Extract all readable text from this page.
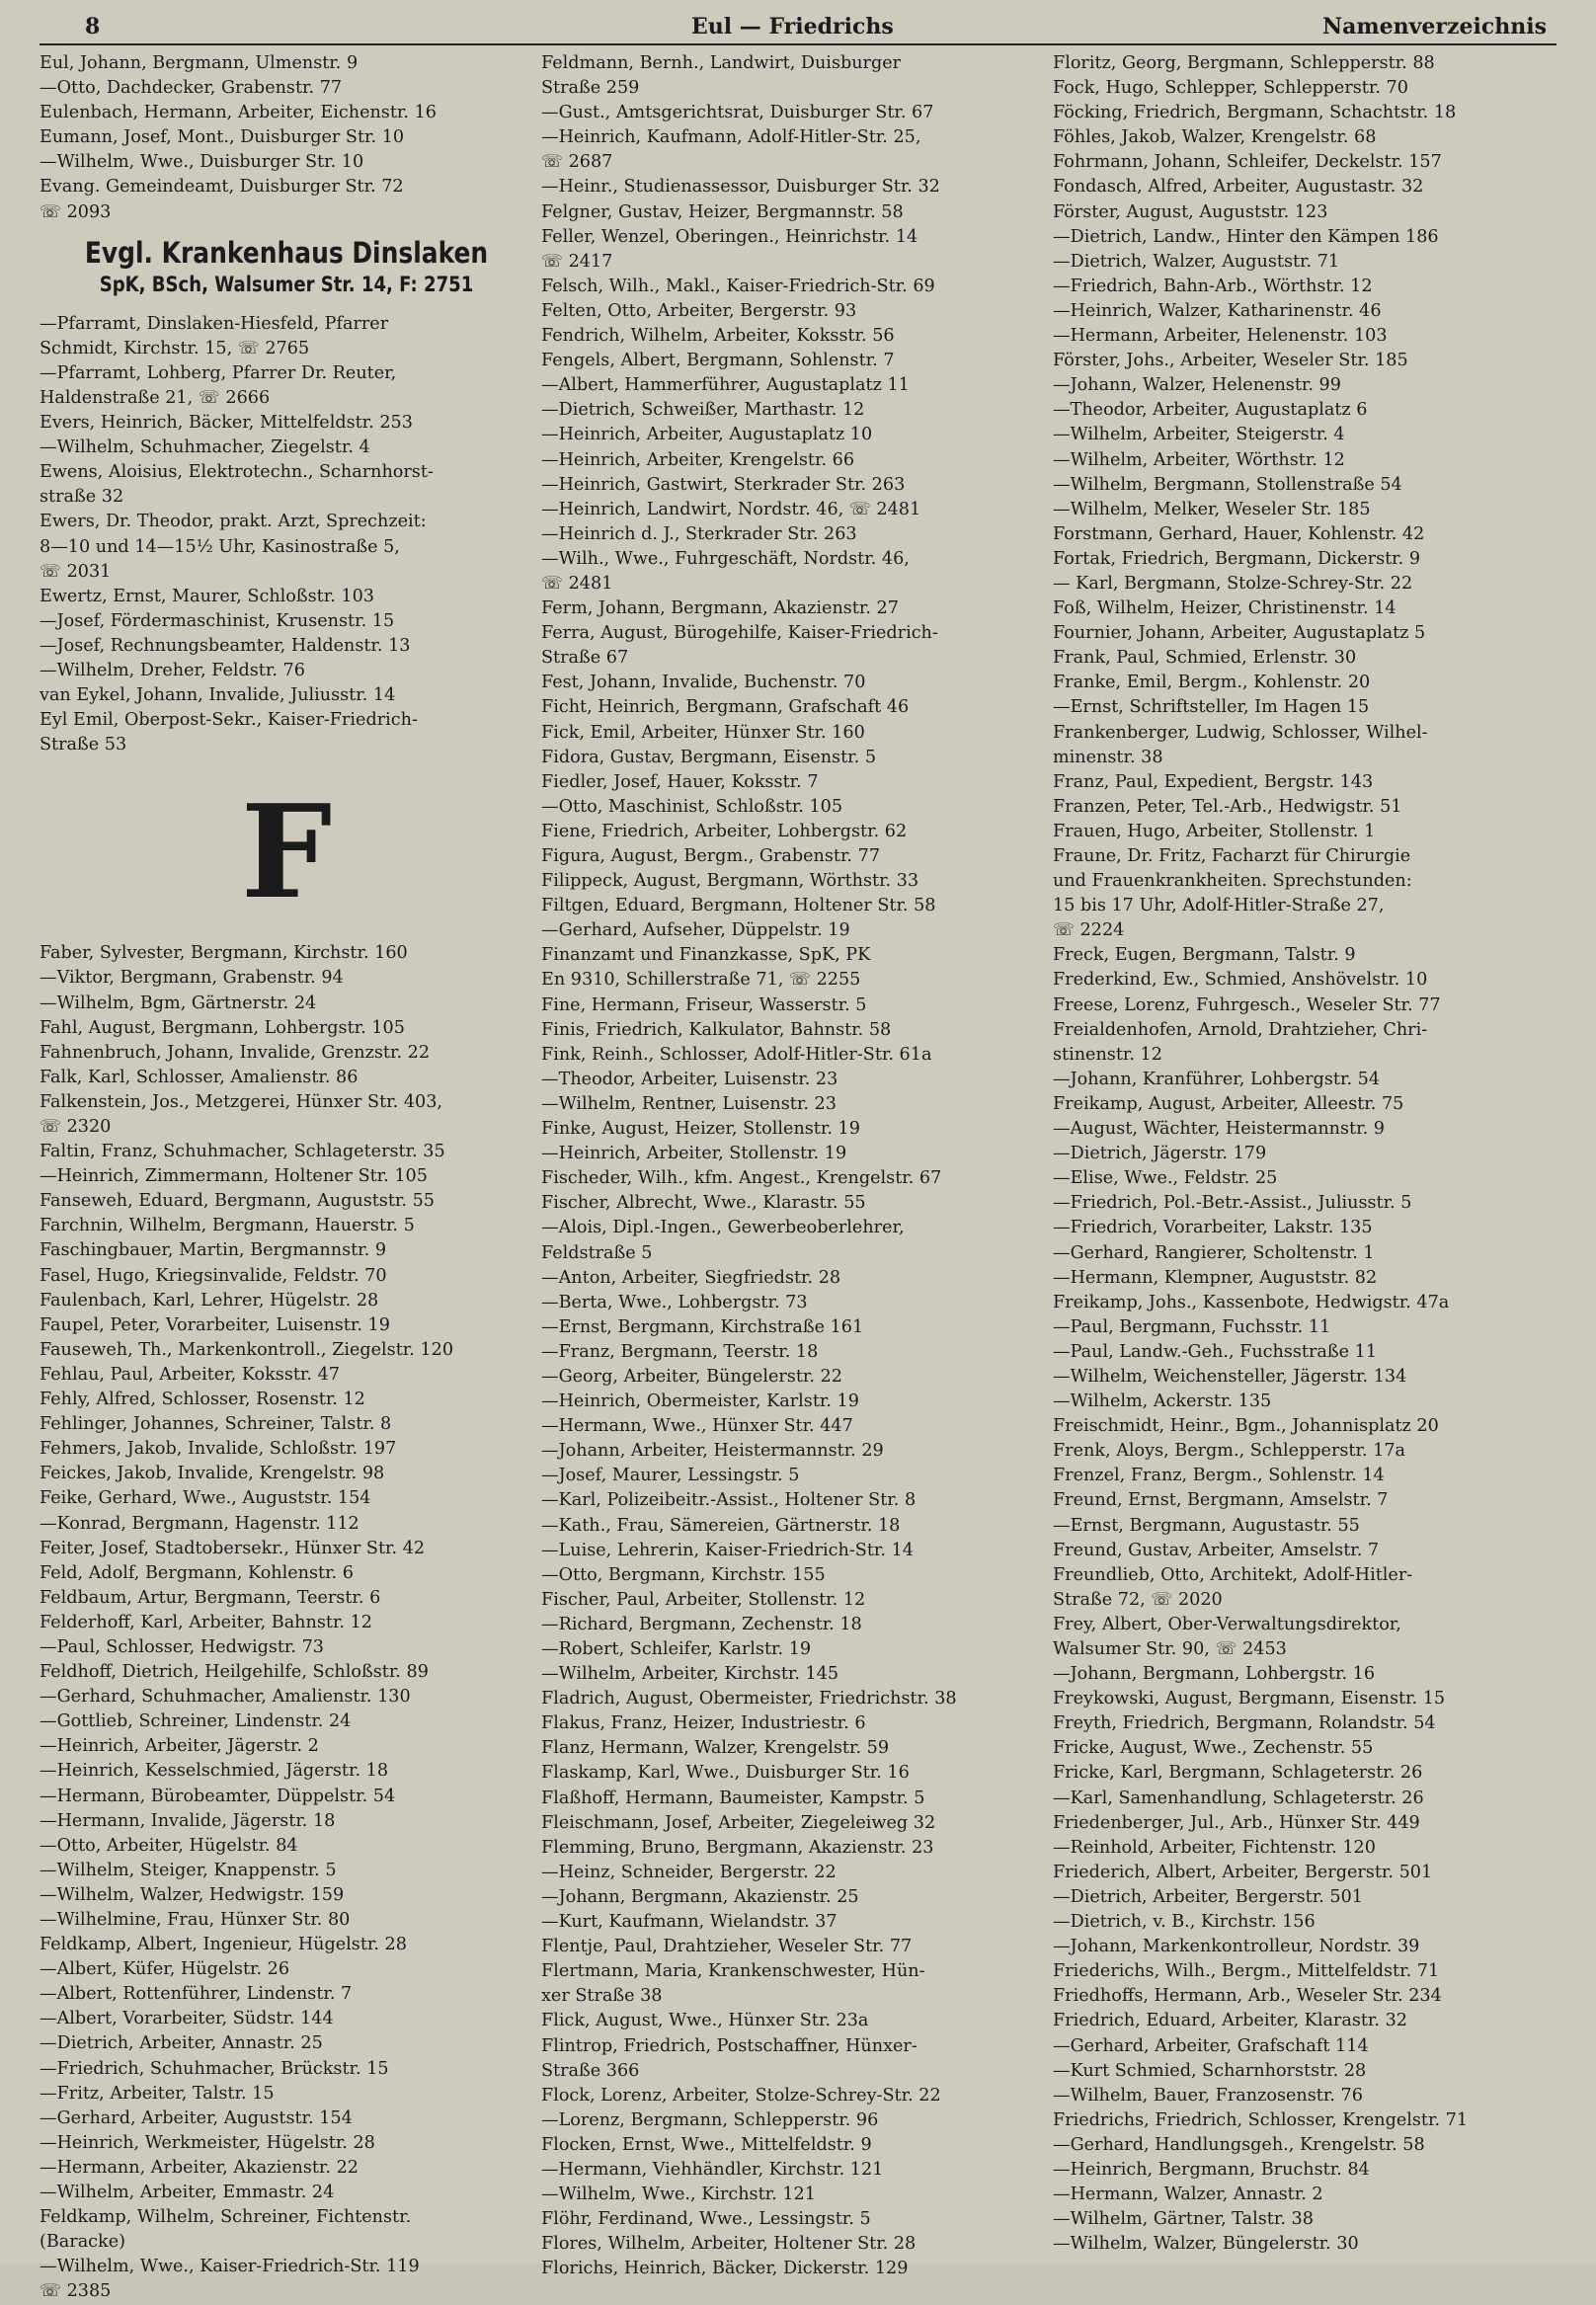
8	Eul — Friedrichs	Namenverzeichnis
Eul, Johann, Bergmann, Ulmenstr. 9
—Otto, Dachdecker, Grabenstr. 77
Eulenbach, Hermann, Arbeiter, Eichenstr. 16
Eumann, Josef, Mont., Duisburger Str. 10
—Wilhelm, Wwe., Duisburger Str. 10
Evang. Gemeindeamt, Duisburger Str. 72
☏ 2093
Evgl. Krankenhaus Dinslaken
SpK, BSch, Walsumer Str. 14, F: 2751
—Pfarramt, Dinslaken-Hiesfeld, Pfarrer
Schmidt, Kirchstr. 15, ☏ 2765
—Pfarramt, Lohberg, Pfarrer Dr. Reuter,
Haldenstraße 21, ☏ 2666
Evers, Heinrich, Bäcker, Mittelfeldstr. 253
—Wilhelm, Schuhmacher, Ziegelstr. 4
Ewens, Aloisius, Elektrotechn., Scharnhorst-
straße 32
Ewers, Dr. Theodor, prakt. Arzt, Sprechzeit:
8—10 und 14—15½ Uhr, Kasinostraße 5,
☏ 2031
Ewertz, Ernst, Maurer, Schloßstr. 103
—Josef, Fördermaschinist, Krusenstr. 15
—Josef, Rechnungsbeamter, Haldenstr. 13
—Wilhelm, Dreher, Feldstr. 76
van Eykel, Johann, Invalide, Juliusstr. 14
Eyl Emil, Oberpost-Sekr., Kaiser-Friedrich-
Straße 53
F
Faber, Sylvester, Bergmann, Kirchstr. 160
—Viktor, Bergmann, Grabenstr. 94
—Wilhelm, Bgm, Gärtnerstr. 24
Fahl, August, Bergmann, Lohbergstr. 105
Fahnenbruch, Johann, Invalide, Grenzstr. 22
Falk, Karl, Schlosser, Amalienstr. 86
Falkenstein, Jos., Metzgerei, Hünxer Str. 403,
☏ 2320
Faltin, Franz, Schuhmacher, Schlageterstr. 35
—Heinrich, Zimmermann, Holtener Str. 105
Fanseweh, Eduard, Bergmann, Auguststr. 55
Farchnin, Wilhelm, Bergmann, Hauerstr. 5
Faschingbauer, Martin, Bergmannstr. 9
Fasel, Hugo, Kriegsinvalide, Feldstr. 70
Faulenbach, Karl, Lehrer, Hügelstr. 28
Faupel, Peter, Vorarbeiter, Luisenstr. 19
Fauseweh, Th., Markenkontroll., Ziegelstr. 120
Fehlau, Paul, Arbeiter, Koksstr. 47
Fehly, Alfred, Schlosser, Rosenstr. 12
Fehlinger, Johannes, Schreiner, Talstr. 8
Fehmers, Jakob, Invalide, Schloßstr. 197
Feickes, Jakob, Invalide, Krengelstr. 98
Feike, Gerhard, Wwe., Auguststr. 154
—Konrad, Bergmann, Hagenstr. 112
Feiter, Josef, Stadtobersekr., Hünxer Str. 42
Feld, Adolf, Bergmann, Kohlenstr. 6
Feldbaum, Artur, Bergmann, Teerstr. 6
Felderhoff, Karl, Arbeiter, Bahnstr. 12
—Paul, Schlosser, Hedwigstr. 73
Feldhoff, Dietrich, Heilgehilfe, Schloßstr. 89
—Gerhard, Schuhmacher, Amalienstr. 130
—Gottlieb, Schreiner, Lindenstr. 24
—Heinrich, Arbeiter, Jägerstr. 2
—Heinrich, Kesselschmied, Jägerstr. 18
—Hermann, Bürobeamter, Düppelstr. 54
—Hermann, Invalide, Jägerstr. 18
—Otto, Arbeiter, Hügelstr. 84
—Wilhelm, Steiger, Knappenstr. 5
—Wilhelm, Walzer, Hedwigstr. 159
—Wilhelmine, Frau, Hünxer Str. 80
Feldkamp, Albert, Ingenieur, Hügelstr. 28
—Albert, Küfer, Hügelstr. 26
—Albert, Rottenführer, Lindenstr. 7
—Albert, Vorarbeiter, Südstr. 144
—Dietrich, Arbeiter, Annastr. 25
—Friedrich, Schuhmacher, Brückstr. 15
—Fritz, Arbeiter, Talstr. 15
—Gerhard, Arbeiter, Auguststr. 154
—Heinrich, Werkmeister, Hügelstr. 28
—Hermann, Arbeiter, Akazienstr. 22
—Wilhelm, Arbeiter, Emmastr. 24
Feldkamp, Wilhelm, Schreiner, Fichtenstr.
(Baracke)
—Wilhelm, Wwe., Kaiser-Friedrich-Str. 119
☏ 2385
Feldmann, Bernh., Landwirt, Duisburger
Straße 259
—Gust., Amtsgerichtsrat, Duisburger Str. 67
—Heinrich, Kaufmann, Adolf-Hitler-Str. 25,
☏ 2687
—Heinr., Studienassessor, Duisburger Str. 32
Felgner, Gustav, Heizer, Bergmannstr. 58
Feller, Wenzel, Oberingen., Heinrichstr. 14
☏ 2417
Felsch, Wilh., Makl., Kaiser-Friedrich-Str. 69
Felten, Otto, Arbeiter, Bergerstr. 93
Fendrich, Wilhelm, Arbeiter, Koksstr. 56
Fengels, Albert, Bergmann, Sohlenstr. 7
—Albert, Hammerführer, Augustaplatz 11
—Dietrich, Schweißer, Marthastr. 12
—Heinrich, Arbeiter, Augustaplatz 10
—Heinrich, Arbeiter, Krengelstr. 66
—Heinrich, Gastwirt, Sterkrader Str. 263
—Heinrich, Landwirt, Nordstr. 46, ☏ 2481
—Heinrich d. J., Sterkrader Str. 263
—Wilh., Wwe., Fuhrgeschäft, Nordstr. 46,
☏ 2481
Ferm, Johann, Bergmann, Akazienstr. 27
Ferra, August, Bürogehilfe, Kaiser-Friedrich-
Straße 67
Fest, Johann, Invalide, Buchenstr. 70
Ficht, Heinrich, Bergmann, Grafschaft 46
Fick, Emil, Arbeiter, Hünxer Str. 160
Fidora, Gustav, Bergmann, Eisenstr. 5
Fiedler, Josef, Hauer, Koksstr. 7
—Otto, Maschinist, Schloßstr. 105
Fiene, Friedrich, Arbeiter, Lohbergstr. 62
Figura, August, Bergm., Grabenstr. 77
Filippeck, August, Bergmann, Wörthstr. 33
Filtgen, Eduard, Bergmann, Holtener Str. 58
—Gerhard, Aufseher, Düppelstr. 19
Finanzamt und Finanzkasse, SpK, PK
En 9310, Schillerstraße 71, ☏ 2255
Fine, Hermann, Friseur, Wasserstr. 5
Finis, Friedrich, Kalkulator, Bahnstr. 58
Fink, Reinh., Schlosser, Adolf-Hitler-Str. 61a
—Theodor, Arbeiter, Luisenstr. 23
—Wilhelm, Rentner, Luisenstr. 23
Finke, August, Heizer, Stollenstr. 19
—Heinrich, Arbeiter, Stollenstr. 19
Fischeder, Wilh., kfm. Angest., Krengelstr. 67
Fischer, Albrecht, Wwe., Klarastr. 55
—Alois, Dipl.-Ingen., Gewerbeoberlehrer,
Feldstraße 5
—Anton, Arbeiter, Siegfriedstr. 28
—Berta, Wwe., Lohbergstr. 73
—Ernst, Bergmann, Kirchstraße 161
—Franz, Bergmann, Teerstr. 18
—Georg, Arbeiter, Büngelerstr. 22
—Heinrich, Obermeister, Karlstr. 19
—Hermann, Wwe., Hünxer Str. 447
—Johann, Arbeiter, Heistermannstr. 29
—Josef, Maurer, Lessingstr. 5
—Karl, Polizeibeitr.-Assist., Holtener Str. 8
—Kath., Frau, Sämereien, Gärtnerstr. 18
—Luise, Lehrerin, Kaiser-Friedrich-Str. 14
—Otto, Bergmann, Kirchstr. 155
Fischer, Paul, Arbeiter, Stollenstr. 12
—Richard, Bergmann, Zechenstr. 18
—Robert, Schleifer, Karlstr. 19
—Wilhelm, Arbeiter, Kirchstr. 145
Fladrich, August, Obermeister, Friedrichstr. 38
Flakus, Franz, Heizer, Industriestr. 6
Flanz, Hermann, Walzer, Krengelstr. 59
Flaskamp, Karl, Wwe., Duisburger Str. 16
Flaßhoff, Hermann, Baumeister, Kampstr. 5
Fleischmann, Josef, Arbeiter, Ziegeleiweg 32
Flemming, Bruno, Bergmann, Akazienstr. 23
—Heinz, Schneider, Bergerstr. 22
—Johann, Bergmann, Akazienstr. 25
—Kurt, Kaufmann, Wielandstr. 37
Flentje, Paul, Drahtzieher, Weseler Str. 77
Flertmann, Maria, Krankenschwester, Hün-
xer Straße 38
Flick, August, Wwe., Hünxer Str. 23a
Flintrop, Friedrich, Postschaffner, Hünxer-
Straße 366
Flock, Lorenz, Arbeiter, Stolze-Schrey-Str. 22
—Lorenz, Bergmann, Schlepperstr. 96
Flocken, Ernst, Wwe., Mittelfeldstr. 9
—Hermann, Viehhändler, Kirchstr. 121
—Wilhelm, Wwe., Kirchstr. 121
Flöhr, Ferdinand, Wwe., Lessingstr. 5
Flores, Wilhelm, Arbeiter, Holtener Str. 28
Florichs, Heinrich, Bäcker, Dickerstr. 129
Floritz, Georg, Bergmann, Schlepperstr. 88
Fock, Hugo, Schlepper, Schlepperstr. 70
Föcking, Friedrich, Bergmann, Schachtstr. 18
Föhles, Jakob, Walzer, Krengelstr. 68
Fohrmann, Johann, Schleifer, Deckelstr. 157
Fondasch, Alfred, Arbeiter, Augustastr. 32
Förster, August, Auguststr. 123
—Dietrich, Landw., Hinter den Kämpen 186
—Dietrich, Walzer, Auguststr. 71
—Friedrich, Bahn-Arb., Wörthstr. 12
—Heinrich, Walzer, Katharinenstr. 46
—Hermann, Arbeiter, Helenenstr. 103
Förster, Johs., Arbeiter, Weseler Str. 185
—Johann, Walzer, Helenenstr. 99
—Theodor, Arbeiter, Augustaplatz 6
—Wilhelm, Arbeiter, Steigerstr. 4
—Wilhelm, Arbeiter, Wörthstr. 12
—Wilhelm, Bergmann, Stollenstraße 54
—Wilhelm, Melker, Weseler Str. 185
Forstmann, Gerhard, Hauer, Kohlenstr. 42
Fortak, Friedrich, Bergmann, Dickerstr. 9
— Karl, Bergmann, Stolze-Schrey-Str. 22
Foß, Wilhelm, Heizer, Christinenstr. 14
Fournier, Johann, Arbeiter, Augustaplatz 5
Frank, Paul, Schmied, Erlenstr. 30
Franke, Emil, Bergm., Kohlenstr. 20
—Ernst, Schriftsteller, Im Hagen 15
Frankenberger, Ludwig, Schlosser, Wilhel-
minenstr. 38
Franz, Paul, Expedient, Bergstr. 143
Franzen, Peter, Tel.-Arb., Hedwigstr. 51
Frauen, Hugo, Arbeiter, Stollenstr. 1
Fraune, Dr. Fritz, Facharzt für Chirurgie
und Frauenkrankheiten. Sprechstunden:
15 bis 17 Uhr, Adolf-Hitler-Straße 27,
☏ 2224
Freck, Eugen, Bergmann, Talstr. 9
Frederkind, Ew., Schmied, Anshövelstr. 10
Freese, Lorenz, Fuhrgesch., Weseler Str. 77
Freialdenhofen, Arnold, Drahtzieher, Chri-
stinenstr. 12
—Johann, Kranführer, Lohbergstr. 54
Freikamp, August, Arbeiter, Alleestr. 75
—August, Wächter, Heistermannstr. 9
—Dietrich, Jägerstr. 179
—Elise, Wwe., Feldstr. 25
—Friedrich, Pol.-Betr.-Assist., Juliusstr. 5
—Friedrich, Vorarbeiter, Lakstr. 135
—Gerhard, Rangierer, Scholtenstr. 1
—Hermann, Klempner, Auguststr. 82
Freikamp, Johs., Kassenbote, Hedwigstr. 47a
—Paul, Bergmann, Fuchsstr. 11
—Paul, Landw.-Geh., Fuchsstraße 11
—Wilhelm, Weichensteller, Jägerstr. 134
—Wilhelm, Ackerstr. 135
Freischmidt, Heinr., Bgm., Johannisplatz 20
Frenk, Aloys, Bergm., Schlepperstr. 17a
Frenzel, Franz, Bergm., Sohlenstr. 14
Freund, Ernst, Bergmann, Amselstr. 7
—Ernst, Bergmann, Augustastr. 55
Freund, Gustav, Arbeiter, Amselstr. 7
Freundlieb, Otto, Architekt, Adolf-Hitler-
Straße 72, ☏ 2020
Frey, Albert, Ober-Verwaltungsdirektor,
Walsumer Str. 90, ☏ 2453
—Johann, Bergmann, Lohbergstr. 16
Freykowski, August, Bergmann, Eisenstr. 15
Freyth, Friedrich, Bergmann, Rolandstr. 54
Fricke, August, Wwe., Zechenstr. 55
Fricke, Karl, Bergmann, Schlageterstr. 26
—Karl, Samenhandlung, Schlageterstr. 26
Friedenberger, Jul., Arb., Hünxer Str. 449
—Reinhold, Arbeiter, Fichtenstr. 120
Friederich, Albert, Arbeiter, Bergerstr. 501
—Dietrich, Arbeiter, Bergerstr. 501
—Dietrich, v. B., Kirchstr. 156
—Johann, Markenkontrolleur, Nordstr. 39
Friederichs, Wilh., Bergm., Mittelfeldstr. 71
Friedhoffs, Hermann, Arb., Weseler Str. 234
Friedrich, Eduard, Arbeiter, Klarastr. 32
—Gerhard, Arbeiter, Grafschaft 114
—Kurt Schmied, Scharnhorststr. 28
—Wilhelm, Bauer, Franzosenstr. 76
Friedrichs, Friedrich, Schlosser, Krengelstr. 71
—Gerhard, Handlungsgeh., Krengelstr. 58
—Heinrich, Bergmann, Bruchstr. 84
—Hermann, Walzer, Annastr. 2
—Wilhelm, Gärtner, Talstr. 38
—Wilhelm, Walzer, Büngelerstr. 30
